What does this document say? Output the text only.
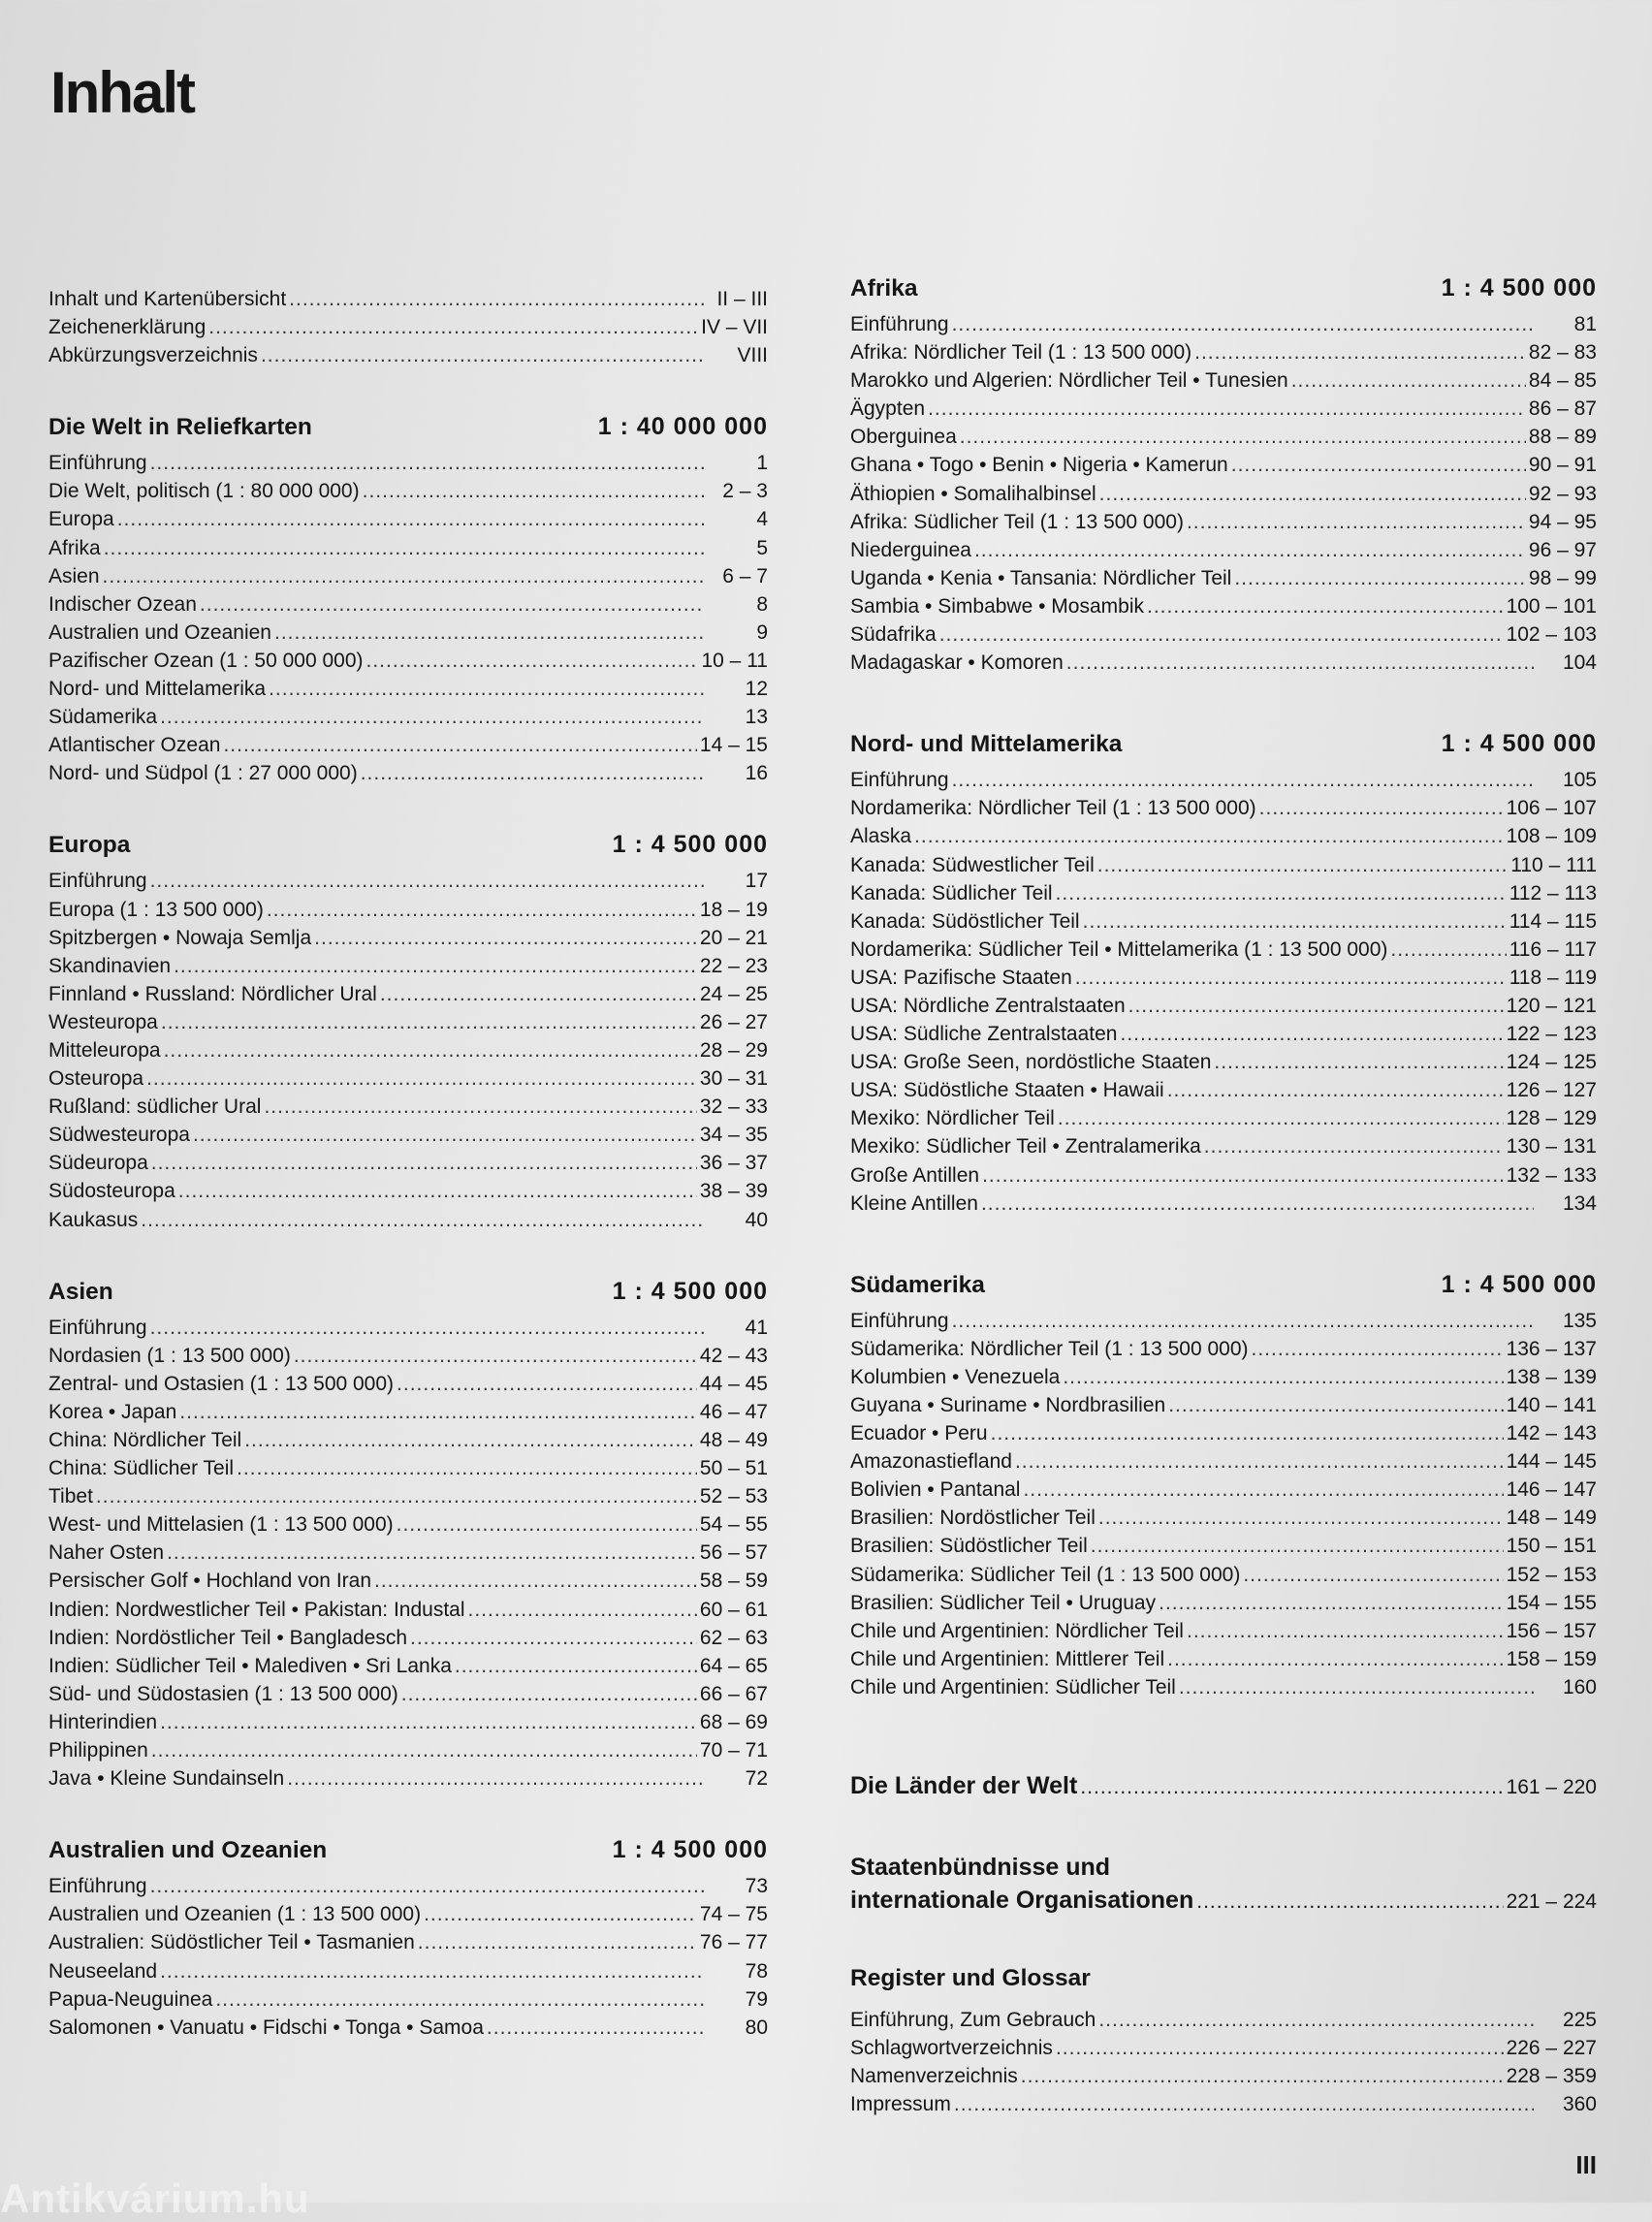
Inhalt
Inhalt und Kartenübersicht .....	II – III
Zeichenerklärung .....	IV – VII
Abkürzungsverzeichnis .....	VIII
Die Welt in Reliefkarten	1 : 40 000 000
Einführung .....	1
Die Welt, politisch (1 : 80 000 000) .....	2 – 3
Europa .....	4
Afrika .....	5
Asien .....	6 – 7
Indischer Ozean .....	8
Australien und Ozeanien .....	9
Pazifischer Ozean (1 : 50 000 000) .....	10 – 11
Nord- und Mittelamerika .....	12
Südamerika .....	13
Atlantischer Ozean .....	14 – 15
Nord- und Südpol (1 : 27 000 000) .....	16
Europa	1 : 4 500 000
Einführung .....	17
Europa (1 : 13 500 000) .....	18 – 19
Spitzbergen • Nowaja Semlja .....	20 – 21
Skandinavien .....	22 – 23
Finnland • Russland: Nördlicher Ural .....	24 – 25
Westeuropa .....	26 – 27
Mitteleuropa .....	28 – 29
Osteuropa .....	30 – 31
Rußland: südlicher Ural .....	32 – 33
Südwesteuropa .....	34 – 35
Südeuropa .....	36 – 37
Südosteuropa .....	38 – 39
Kaukasus .....	40
Asien	1 : 4 500 000
Einführung .....	41
Nordasien (1 : 13 500 000) .....	42 – 43
Zentral- und Ostasien (1 : 13 500 000) .....	44 – 45
Korea • Japan .....	46 – 47
China: Nördlicher Teil .....	48 – 49
China: Südlicher Teil .....	50 – 51
Tibet .....	52 – 53
West- und Mittelasien (1 : 13 500 000) .....	54 – 55
Naher Osten .....	56 – 57
Persischer Golf • Hochland von Iran .....	58 – 59
Indien: Nordwestlicher Teil • Pakistan: Industal .....	60 – 61
Indien: Nordöstlicher Teil • Bangladesch .....	62 – 63
Indien: Südlicher Teil • Malediven • Sri Lanka .....	64 – 65
Süd- und Südostasien (1 : 13 500 000) .....	66 – 67
Hinterindien .....	68 – 69
Philippinen .....	70 – 71
Java • Kleine Sundainseln .....	72
Australien und Ozeanien	1 : 4 500 000
Einführung .....	73
Australien und Ozeanien (1 : 13 500 000) .....	74 – 75
Australien: Südöstlicher Teil • Tasmanien .....	76 – 77
Neuseeland .....	78
Papua-Neuguinea .....	79
Salomonen • Vanuatu • Fidschi • Tonga • Samoa .....	80
Afrika	1 : 4 500 000
Einführung .....	81
Afrika: Nördlicher Teil (1 : 13 500 000) .....	82 – 83
Marokko und Algerien: Nördlicher Teil • Tunesien .....	84 – 85
Ägypten .....	86 – 87
Oberguinea .....	88 – 89
Ghana • Togo • Benin • Nigeria • Kamerun .....	90 – 91
Äthiopien • Somalihalbinsel .....	92 – 93
Afrika: Südlicher Teil (1 : 13 500 000) .....	94 – 95
Niederguinea .....	96 – 97
Uganda • Kenia • Tansania: Nördlicher Teil .....	98 – 99
Sambia • Simbabwe • Mosambik .....	100 – 101
Südafrika .....	102 – 103
Madagaskar • Komoren .....	104
Nord- und Mittelamerika	1 : 4 500 000
Einführung .....	105
Nordamerika: Nördlicher Teil (1 : 13 500 000) .....	106 – 107
Alaska .....	108 – 109
Kanada: Südwestlicher Teil .....	110 – 111
Kanada: Südlicher Teil .....	112 – 113
Kanada: Südöstlicher Teil .....	114 – 115
Nordamerika: Südlicher Teil • Mittelamerika (1 : 13 500 000) .....	116 – 117
USA: Pazifische Staaten .....	118 – 119
USA: Nördliche Zentralstaaten .....	120 – 121
USA: Südliche Zentralstaaten .....	122 – 123
USA: Große Seen, nordöstliche Staaten .....	124 – 125
USA: Südöstliche Staaten • Hawaii .....	126 – 127
Mexiko: Nördlicher Teil .....	128 – 129
Mexiko: Südlicher Teil • Zentralamerika .....	130 – 131
Große Antillen .....	132 – 133
Kleine Antillen .....	134
Südamerika	1 : 4 500 000
Einführung .....	135
Südamerika: Nördlicher Teil (1 : 13 500 000) .....	136 – 137
Kolumbien • Venezuela .....	138 – 139
Guyana • Suriname • Nordbrasilien .....	140 – 141
Ecuador • Peru .....	142 – 143
Amazonastiefland .....	144 – 145
Bolivien • Pantanal .....	146 – 147
Brasilien: Nordöstlicher Teil .....	148 – 149
Brasilien: Südöstlicher Teil .....	150 – 151
Südamerika: Südlicher Teil (1 : 13 500 000) .....	152 – 153
Brasilien: Südlicher Teil • Uruguay .....	154 – 155
Chile und Argentinien: Nördlicher Teil .....	156 – 157
Chile und Argentinien: Mittlerer Teil .....	158 – 159
Chile und Argentinien: Südlicher Teil .....	160
Die Länder der Welt .....	161 – 220
Staatenbündnisse und
internationale Organisationen .....	221 – 224
Register und Glossar
Einführung, Zum Gebrauch .....	225
Schlagwortverzeichnis .....	226 – 227
Namenverzeichnis .....	228 – 359
Impressum .....	360
III
Antikvárium.hu
